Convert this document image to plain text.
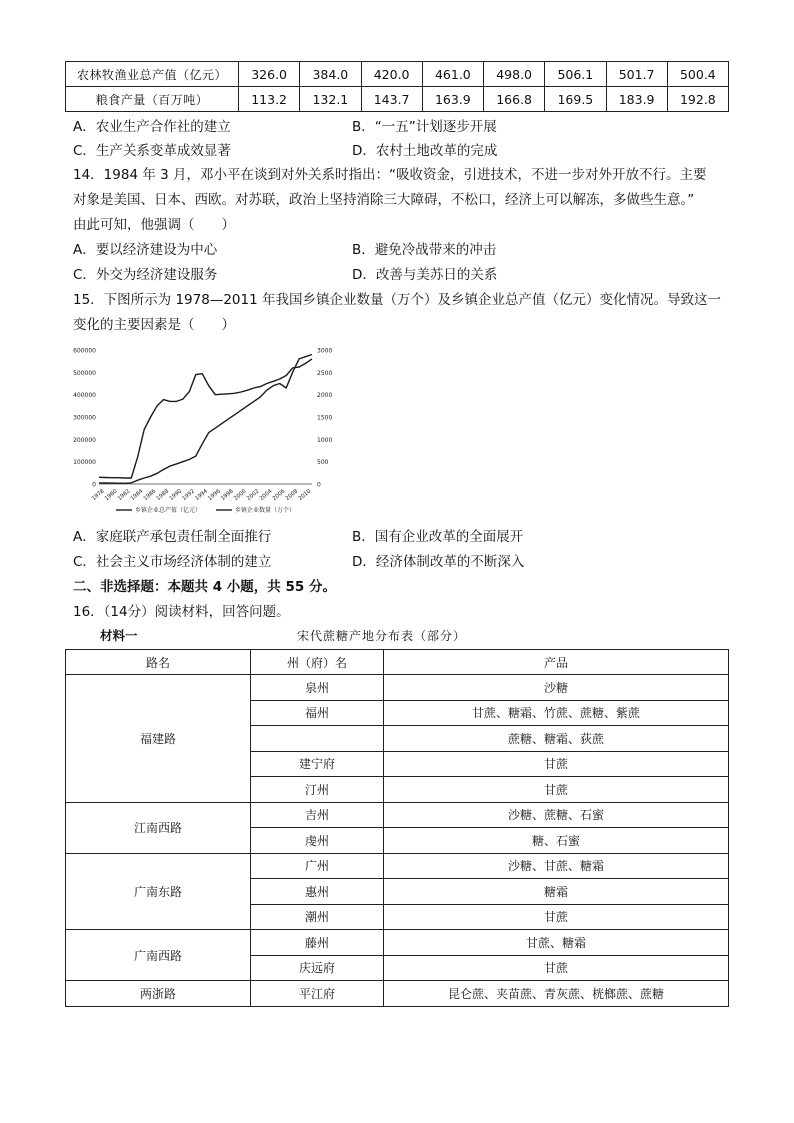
农林牧渔业总产值（亿元）	326.0	384.0	420.0	461.0	498.0	506.1	501.7	500.4
粮食产量（百万吨）	113.2	132.1	143.7	163.9	166.8	169.5	183.9	192.8
A．农业生产合作社的建立	B．“一五”计划逐步开展
C．生产关系变革成效显著	D．农村土地改革的完成
14．1984 年 3 月，邓小平在谈到对外关系时指出：“吸收资金，引进技术，不进一步对外开放不行。主要
对象是美国、日本、西欧。对苏联，政治上坚持消除三大障碍，不松口，经济上可以解冻，多做些生意。”
由此可知，他强调（　　）
A．要以经济建设为中心	B．避免冷战带来的冲击
C．外交为经济建设服务	D．改善与美苏日的关系
15．下图所示为 1978—2011 年我国乡镇企业数量（万个）及乡镇企业总产值（亿元）变化情况。导致这一
变化的主要因素是（　　）
600000
500000
400000
300000
200000
100000
0
3000
2500
2000
1500
1000
500
0
1978
1980
1982
1984
1986
1988
1990
1992
1994
1996
1998
2000
2002
2004
2006
2008
2010
乡镇企业总产值（亿元）	乡镇企业数量（万个）
A．家庭联产承包责任制全面推行	B．国有企业改革的全面展开
C．社会主义市场经济体制的建立	D．经济体制改革的不断深入
二、非选择题：本题共 4 小题，共 55 分。
16．（14分）阅读材料，回答问题。
材料一	宋代蔗糖产地分布表（部分）
路名	州（府）名	产品
福建路	泉州	沙糖
	福州	甘蔗、糖霜、竹蔗、蔗糖、紫蔗
		蔗糖、糖霜、荻蔗
	建宁府	甘蔗
	汀州	甘蔗
江南西路	吉州	沙糖、蔗糖、石蜜
	虔州	糖、石蜜
广南东路	广州	沙糖、甘蔗、糖霜
	惠州	糖霜
	潮州	甘蔗
广南西路	藤州	甘蔗、糖霜
	庆远府	甘蔗
两浙路	平江府	昆仑蔗、夹苗蔗、青灰蔗、桄榔蔗、蔗糖
